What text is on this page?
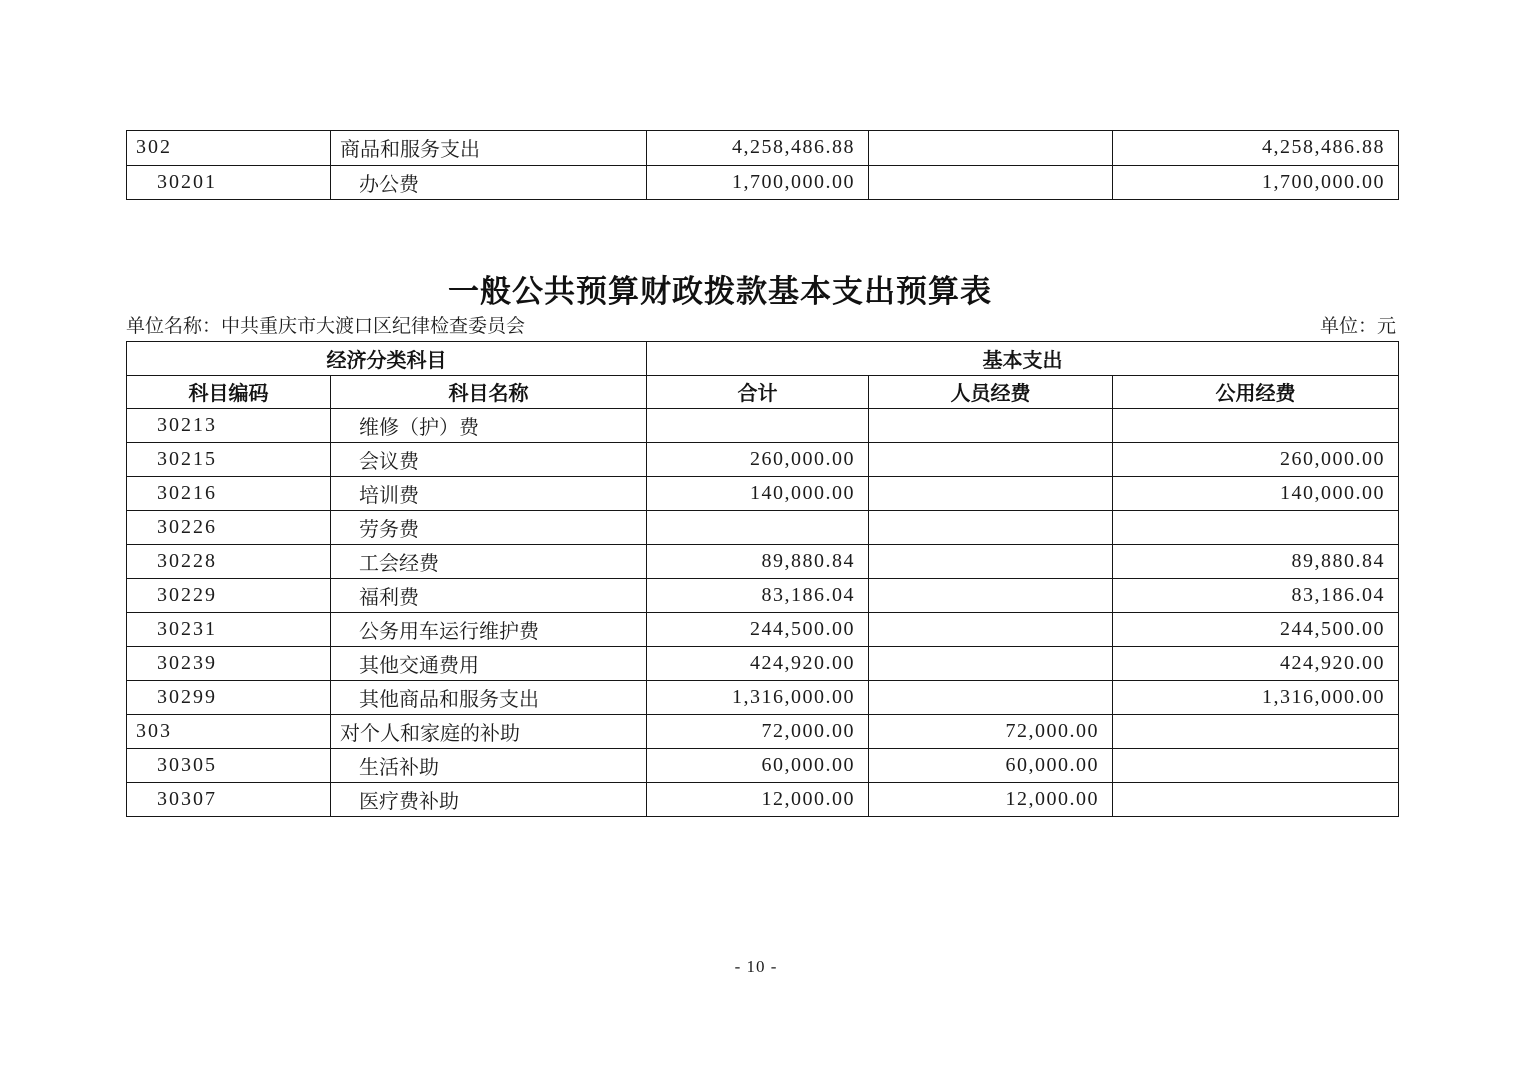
302	商品和服务支出	4,258,486.88		4,258,486.88
30201	办公费	1,700,000.00		1,700,000.00
一般公共预算财政拨款基本支出预算表
单位名称：中共重庆市大渡口区纪律检查委员会	单位：元
经济分类科目		基本支出		
科目编码	科目名称	合计	人员经费	公用经费
30213	维修（护）费			
30215	会议费	260,000.00		260,000.00
30216	培训费	140,000.00		140,000.00
30226	劳务费			
30228	工会经费	89,880.84		89,880.84
30229	福利费	83,186.04		83,186.04
30231	公务用车运行维护费	244,500.00		244,500.00
30239	其他交通费用	424,920.00		424,920.00
30299	其他商品和服务支出	1,316,000.00		1,316,000.00
303	对个人和家庭的补助	72,000.00	72,000.00	
30305	生活补助	60,000.00	60,000.00	
30307	医疗费补助	12,000.00	12,000.00	
- 10 -
